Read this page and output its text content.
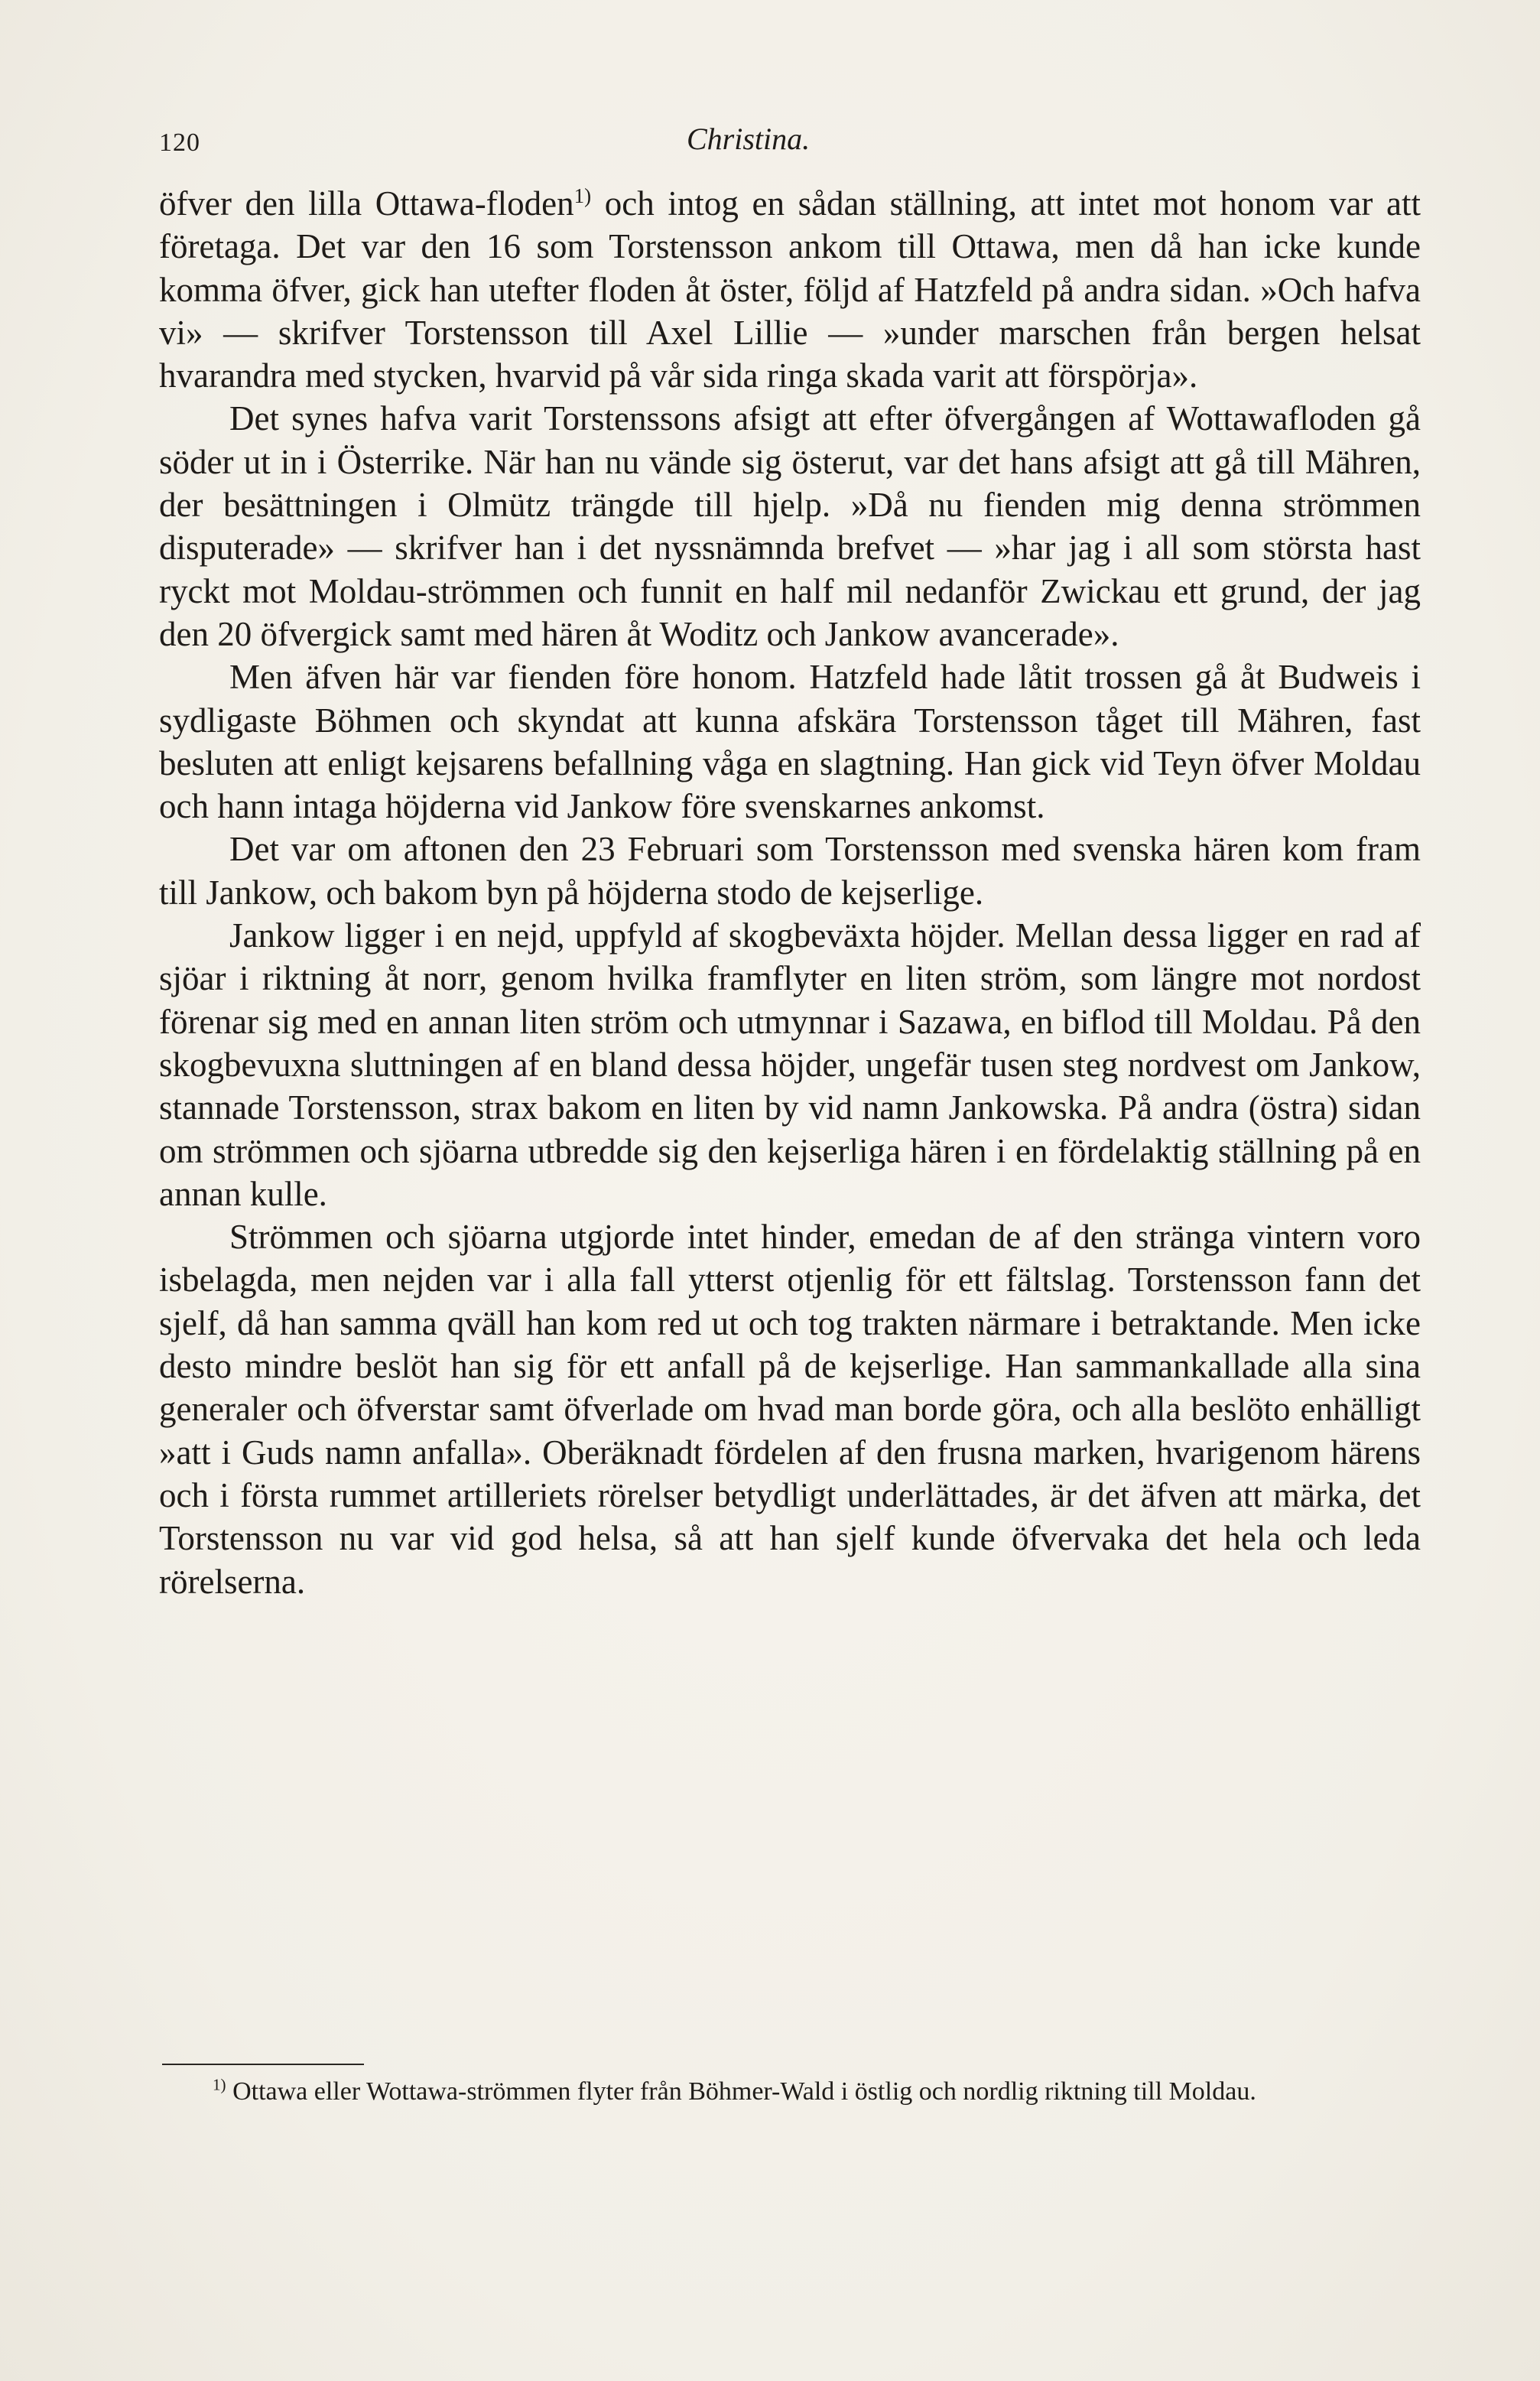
120	Christina.

öfver den lilla Ottawa-floden$^{1)}$ och intog en sådan ställning, att intet mot honom var att företaga. Det var den 16 som Torstensson ankom till Ottawa, men då han icke kunde komma öfver, gick han utefter floden åt öster, följd af Hatzfeld på andra sidan. »Och hafva vi» — skrifver Torstensson till Axel Lillie — »under marschen från bergen helsat hvarandra med stycken, hvarvid på vår sida ringa skada varit att förspörja».

Det synes hafva varit Torstenssons afsigt att efter öfvergången af Wottawafloden gå söder ut in i Österrike. När han nu vände sig österut, var det hans afsigt att gå till Mähren, der besättningen i Olmütz trängde till hjelp. »Då nu fienden mig denna strömmen disputerade» — skrifver han i det nyssnämnda brefvet — »har jag i all som största hast ryckt mot Moldau-strömmen och funnit en half mil nedanför Zwickau ett grund, der jag den 20 öfvergick samt med hären åt Woditz och Jankow avancerade».

Men äfven här var fienden före honom. Hatzfeld hade låtit trossen gå åt Budweis i sydligaste Böhmen och skyndat att kunna afskära Torstensson tåget till Mähren, fast besluten att enligt kejsarens befallning våga en slagtning. Han gick vid Teyn öfver Moldau och hann intaga höjderna vid Jankow före svenskarnes ankomst.

Det var om aftonen den 23 Februari som Torstensson med svenska hären kom fram till Jankow, och bakom byn på höjderna stodo de kejserlige.

Jankow ligger i en nejd, uppfyld af skogbeväxta höjder. Mellan dessa ligger en rad af sjöar i riktning åt norr, genom hvilka framflyter en liten ström, som längre mot nordost förenar sig med en annan liten ström och utmynnar i Sazawa, en biflod till Moldau. På den skogbevuxna sluttningen af en bland dessa höjder, ungefär tusen steg nordvest om Jankow, stannade Torstensson, strax bakom en liten by vid namn Jankowska. På andra (östra) sidan om strömmen och sjöarna utbredde sig den kejserliga hären i en fördelaktig ställning på en annan kulle.

Strömmen och sjöarna utgjorde intet hinder, emedan de af den stränga vintern voro isbelagda, men nejden var i alla fall ytterst otjenlig för ett fältslag. Torstensson fann det sjelf, då han samma qväll han kom red ut och tog trakten närmare i betraktande. Men icke desto mindre beslöt han sig för ett anfall på de kejserlige. Han sammankallade alla sina generaler och öfverstar samt öfverlade om hvad man borde göra, och alla beslöto enhälligt »att i Guds namn anfalla». Oberäknadt fördelen af den frusna marken, hvarigenom härens och i första rummet artilleriets rörelser betydligt underlättades, är det äfven att märka, det Torstensson nu var vid god helsa, så att han sjelf kunde öfvervaka det hela och leda rörelserna.

$^{1)}$ Ottawa eller Wottawa-strömmen flyter från Böhmer-Wald i östlig och nordlig riktning till Moldau.
